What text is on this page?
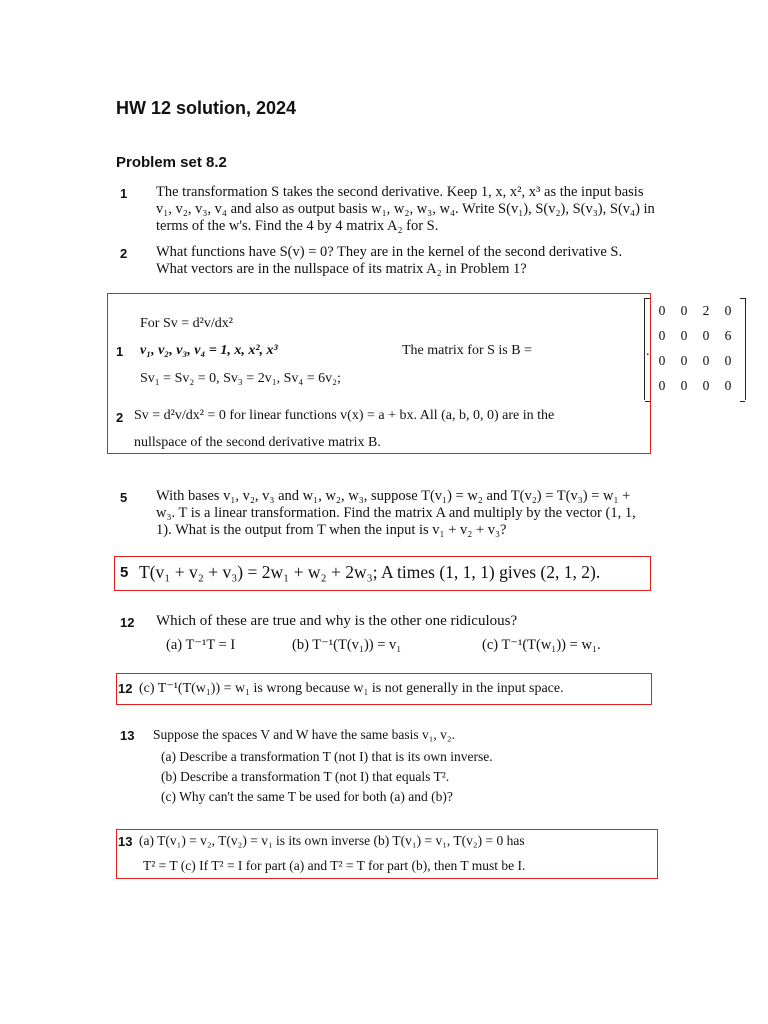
HW 12 solution, 2024
Problem set 8.2
1 The transformation S takes the second derivative. Keep 1, x, x², x³ as the input basis v₁, v₂, v₃, v₄ and also as output basis w₁, w₂, w₃, w₄. Write S(v₁), S(v₂), S(v₃), S(v₄) in terms of the w's. Find the 4 by 4 matrix A₂ for S.
2 What functions have S(v) = 0? They are in the kernel of the second derivative S. What vectors are in the nullspace of its matrix A₂ in Problem 1?
For Sv = d²v/dx²
1 v₁, v₂, v₃, v₄ = 1, x, x², x³
Sv₁ = Sv₂ = 0, Sv₃ = 2v₁, Sv₄ = 6v₂;
The matrix for S is B =
0	0	2	0
0	0	0	6
0	0	0	0
0	0	0	0
.
2 Sv = d²v/dx² = 0 for linear functions v(x) = a + bx. All (a, b, 0, 0) are in the
nullspace of the second derivative matrix B.
5 With bases v₁, v₂, v₃ and w₁, w₂, w₃, suppose T(v₁) = w₂ and T(v₂) = T(v₃) = w₁ + w₃. T is a linear transformation. Find the matrix A and multiply by the vector (1, 1, 1). What is the output from T when the input is v₁ + v₂ + v₃?
5 T(v₁ + v₂ + v₃) = 2w₁ + w₂ + 2w₃; A times (1, 1, 1) gives (2, 1, 2).
12 Which of these are true and why is the other one ridiculous?
(a) T⁻¹T = I	(b) T⁻¹(T(v₁)) = v₁	(c) T⁻¹(T(w₁)) = w₁.
12 (c) T⁻¹(T(w₁)) = w₁ is wrong because w₁ is not generally in the input space.
13 Suppose the spaces V and W have the same basis v₁, v₂.
(a) Describe a transformation T (not I) that is its own inverse.
(b) Describe a transformation T (not I) that equals T².
(c) Why can't the same T be used for both (a) and (b)?
13 (a) T(v₁) = v₂, T(v₂) = v₁ is its own inverse (b) T(v₁) = v₁, T(v₂) = 0 has
T² = T (c) If T² = I for part (a) and T² = T for part (b), then T must be I.
